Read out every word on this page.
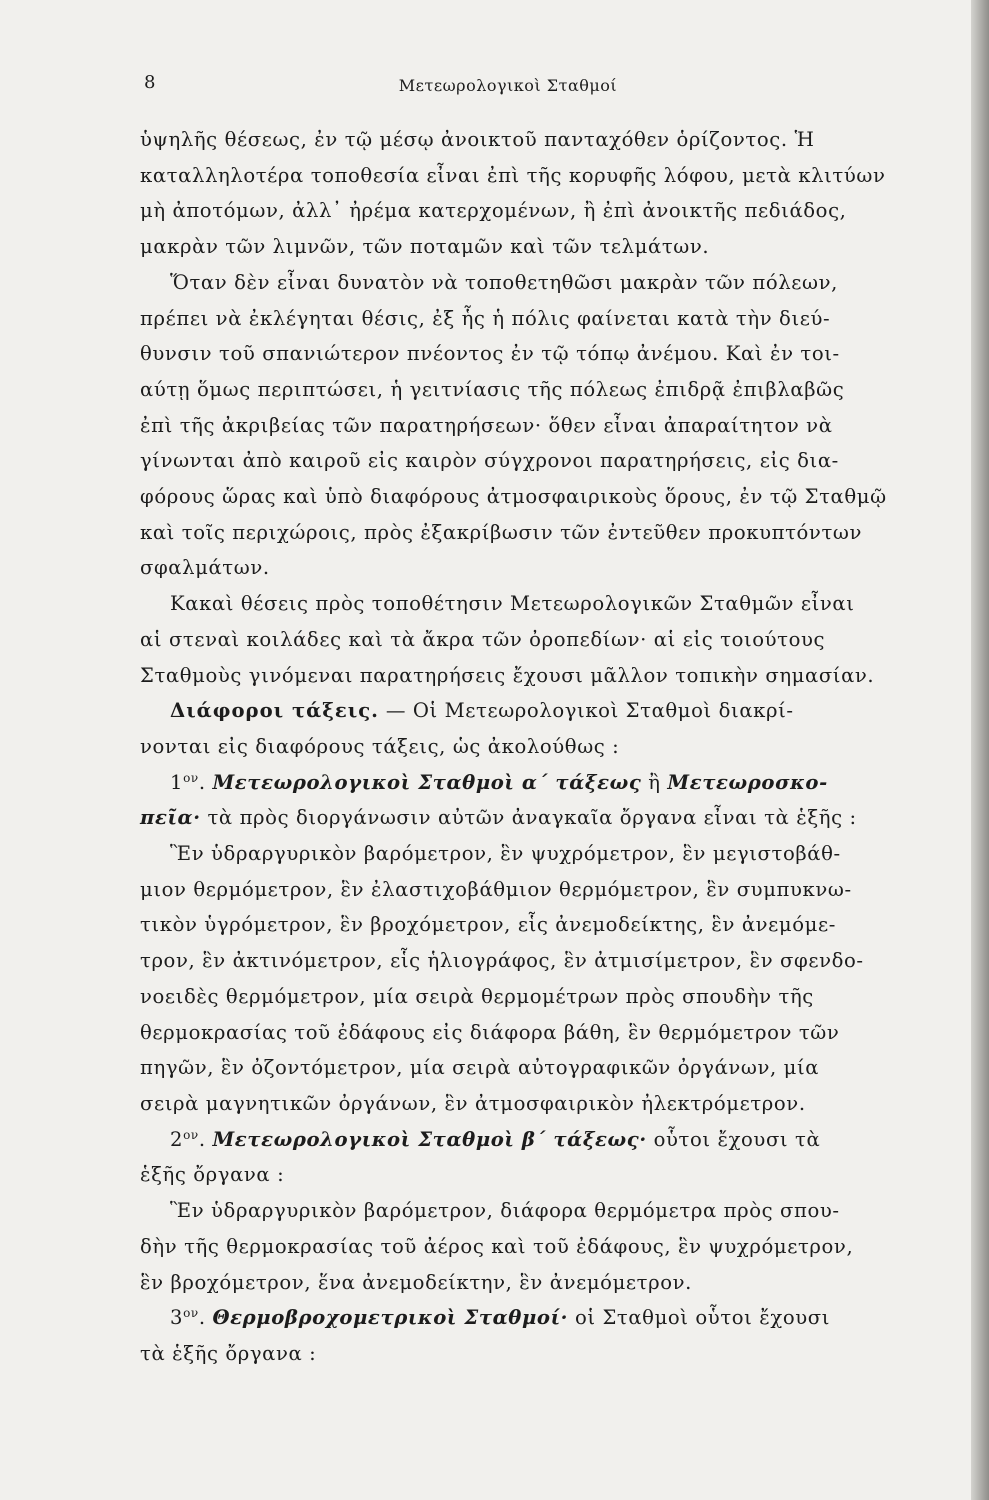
8	Μετεωρολογικοὶ Σταθμοί
ὑψηλῆς θέσεως, ἐν τῷ μέσῳ ἀνοικτοῦ πανταχόθεν ὁρίζοντος. Ἡ
καταλληλοτέρα τοποθεσία εἶναι ἐπὶ τῆς κορυφῆς λόφου, μετὰ κλιτύων
μὴ ἀποτόμων, ἀλλ᾿ ἠρέμα κατερχομένων, ἢ ἐπὶ ἀνοικτῆς πεδιάδος,
μακρὰν τῶν λιμνῶν, τῶν ποταμῶν καὶ τῶν τελμάτων.
Ὅταν δὲν εἶναι δυνατὸν νὰ τοποθετηθῶσι μακρὰν τῶν πόλεων,
πρέπει νὰ ἐκλέγηται θέσις, ἐξ ἧς ἡ πόλις φαίνεται κατὰ τὴν διεύ-
θυνσιν τοῦ σπανιώτερον πνέοντος ἐν τῷ τόπῳ ἀνέμου. Καὶ ἐν τοι-
αύτῃ ὅμως περιπτώσει, ἡ γειτνίασις τῆς πόλεως ἐπιδρᾷ ἐπιβλαβῶς
ἐπὶ τῆς ἀκριβείας τῶν παρατηρήσεων· ὅθεν εἶναι ἀπαραίτητον νὰ
γίνωνται ἀπὸ καιροῦ εἰς καιρὸν σύγχρονοι παρατηρήσεις, εἰς δια-
φόρους ὥρας καὶ ὑπὸ διαφόρους ἀτμοσφαιρικοὺς ὅρους, ἐν τῷ Σταθμῷ
καὶ τοῖς περιχώροις, πρὸς ἐξακρίβωσιν τῶν ἐντεῦθεν προκυπτόντων
σφαλμάτων.
Κακαὶ θέσεις πρὸς τοποθέτησιν Μετεωρολογικῶν Σταθμῶν εἶναι
αἱ στεναὶ κοιλάδες καὶ τὰ ἄκρα τῶν ὀροπεδίων· αἱ εἰς τοιούτους
Σταθμοὺς γινόμεναι παρατηρήσεις ἔχουσι μᾶλλον τοπικὴν σημασίαν.
Διάφοροι τάξεις. — Οἱ Μετεωρολογικοὶ Σταθμοὶ διακρί-
νονται εἰς διαφόρους τάξεις, ὡς ἀκολούθως :
$1^{o\nu}$. Μετεωρολογικοὶ Σταθμοὶ α΄ τάξεως ἢ Μετεωροσκο-
πεῖα· τὰ πρὸς διοργάνωσιν αὐτῶν ἀναγκαῖα ὄργανα εἶναι τὰ ἑξῆς :
Ἓν ὑδραργυρικὸν βαρόμετρον, ἓν ψυχρόμετρον, ἓν μεγιστοβάθ-
μιον θερμόμετρον, ἓν ἐλαστιχοβάθμιον θερμόμετρον, ἓν συμπυκνω-
τικὸν ὑγρόμετρον, ἓν βροχόμετρον, εἷς ἀνεμοδείκτης, ἓν ἀνεμόμε-
τρον, ἓν ἀκτινόμετρον, εἷς ἡλιογράφος, ἓν ἀτμισίμετρον, ἓν σφενδο-
νοειδὲς θερμόμετρον, μία σειρὰ θερμομέτρων πρὸς σπουδὴν τῆς
θερμοκρασίας τοῦ ἐδάφους εἰς διάφορα βάθη, ἓν θερμόμετρον τῶν
πηγῶν, ἓν ὀζοντόμετρον, μία σειρὰ αὐτογραφικῶν ὀργάνων, μία
σειρὰ μαγνητικῶν ὀργάνων, ἓν ἀτμοσφαιρικὸν ἠλεκτρόμετρον.
$2^{o\nu}$. Μετεωρολογικοὶ Σταθμοὶ β΄ τάξεως· οὗτοι ἔχουσι τὰ
ἑξῆς ὄργανα :
Ἓν ὑδραργυρικὸν βαρόμετρον, διάφορα θερμόμετρα πρὸς σπου-
δὴν τῆς θερμοκρασίας τοῦ ἀέρος καὶ τοῦ ἐδάφους, ἓν ψυχρόμετρον,
ἓν βροχόμετρον, ἕνα ἀνεμοδείκτην, ἓν ἀνεμόμετρον.
$3^{o\nu}$. Θερμοβροχομετρικοὶ Σταθμοί· οἱ Σταθμοὶ οὗτοι ἔχουσι
τὰ ἑξῆς ὄργανα :
